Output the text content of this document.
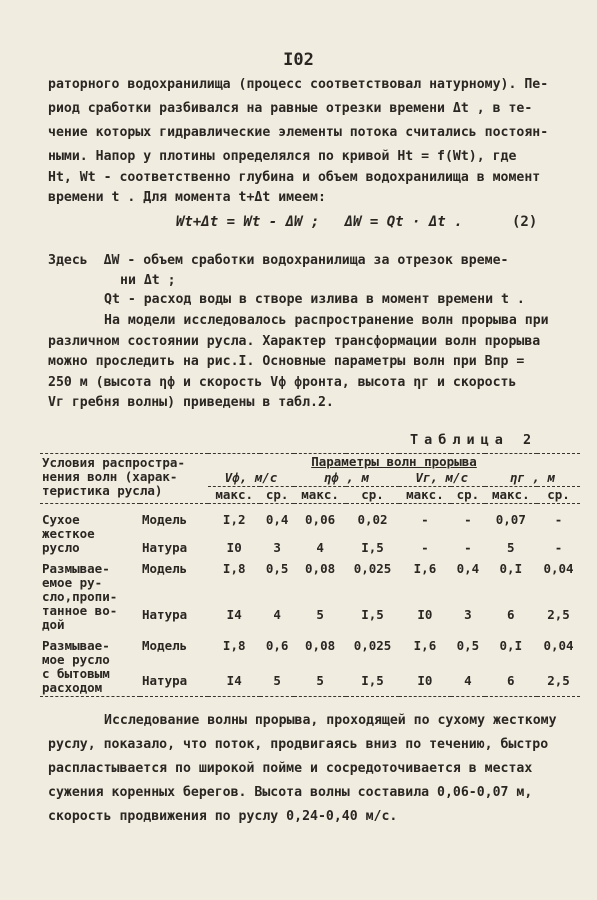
I02
раторного водохранилища (процесс соответствовал натурному). Пе-
риод сработки разбивался на равные отрезки времени Δt , в те-
чение которых гидравлические элементы потока считались постоян-
ными. Напор у плотины определялся по кривой Ht = f(Wt), где
Ht, Wt - соответственно глубина и объем водохранилища в момент
времени t . Для момента t+Δt имеем:
Wt+Δt = Wt - ΔW ;   ΔW = Qt · Δt .	(2)
Здесь  ΔW - объем сработки водохранилища за отрезок време-
ни Δt ;
Qt - расход воды в створе излива в момент времени t .
На модели исследовалось распространение волн прорыва при
различном состоянии русла. Характер трансформации волн прорыва
можно проследить на рис.I. Основные параметры волн при Bпр =
250 м (высота ηф и скорость Vф фронта, высота ηг и скорость
Vг гребня волны) приведены в табл.2.
Таблица 2
Условия распростра-
нения волн (харак-
теристика русла)		Параметры волн прорыва							
		Vф, м/с		ηф , м		Vг, м/с		ηг , м	
		макс.	ср.	макс.	ср.	макс.	ср.	макс.	ср.

Сухое
жесткое
русло	Модель	I,2	0,4	0,06	0,02	-	-	0,07	-
	Натура	I0	3	4	I,5	-	-	5	-

Размывае-
емое ру-
сло,пропи-
танное во-
дой	Модель	I,8	0,5	0,08	0,025	I,6	0,4	0,I	0,04
	Натура	I4	4	5	I,5	I0	3	6	2,5

Размывае-
мое русло
с бытовым
расходом	Модель	I,8	0,6	0,08	0,025	I,6	0,5	0,I	0,04
	Натура	I4	5	5	I,5	I0	4	6	2,5

Исследование волны прорыва, проходящей по сухому жесткому
руслу, показало, что поток, продвигаясь вниз по течению, быстро
распластывается по широкой пойме и сосредоточивается в местах
сужения коренных берегов. Высота волны составила 0,06-0,07 м,
скорость продвижения по руслу 0,24-0,40 м/с.
